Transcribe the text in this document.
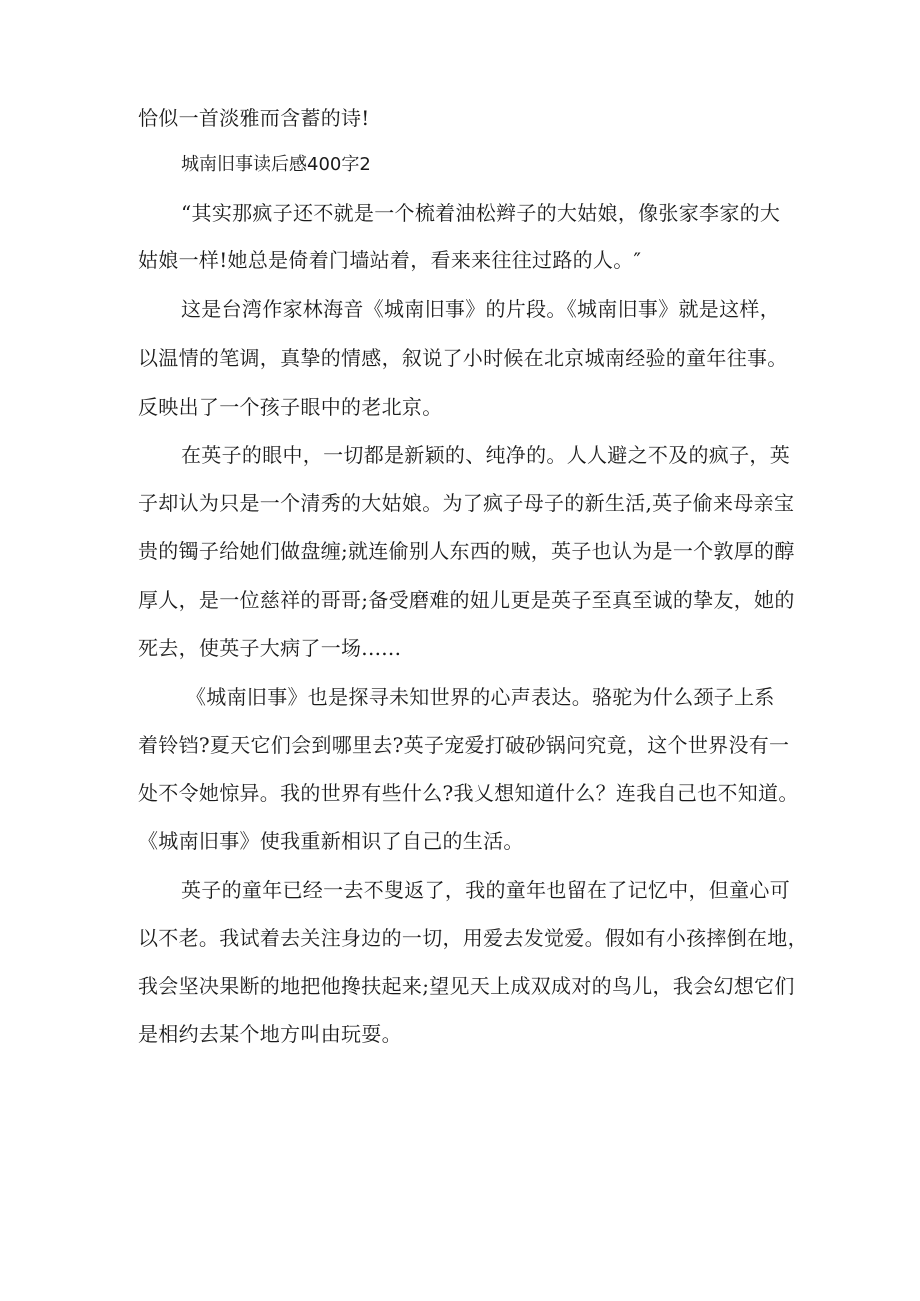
恰似一首淡雅而含蓄的诗!
城南旧事读后感400字2
“其实那疯子还不就是一个梳着油松辫子的大姑娘，像张家李家的大
姑娘一样!她总是倚着门墙站着，看来来往往过路的人。″
这是台湾作家林海音《城南旧事》的片段。《城南旧事》就是这样，
以温情的笔调，真挚的情感，叙说了小时候在北京城南经验的童年往事。
反映出了一个孩子眼中的老北京。
在英子的眼中，一切都是新颖的、纯净的。人人避之不及的疯子，英
子却认为只是一个清秀的大姑娘。为了疯子母子的新生活,英子偷来母亲宝
贵的镯子给她们做盘缠;就连偷别人东西的贼，英子也认为是一个敦厚的醇
厚人，是一位慈祥的哥哥;备受磨难的妞儿更是英子至真至诚的挚友，她的
死去，使英子大病了一场......
《城南旧事》也是探寻未知世界的心声表达。骆驼为什么颈子上系
着铃铛?夏天它们会到哪里去?英子宠爱打破砂锅问究竟，这个世界没有一
处不令她惊异。我的世界有些什么?我乂想知道什么？连我自己也不知道。
《城南旧事》使我重新相识了自己的生活。
英子的童年已经一去不叟返了，我的童年也留在了记忆中，但童心可
以不老。我试着去关注身边的一切，用爱去发觉爱。假如有小孩摔倒在地，
我会坚决果断的地把他搀扶起来;望见天上成双成对的鸟儿，我会幻想它们
是相约去某个地方叫由玩耍。
